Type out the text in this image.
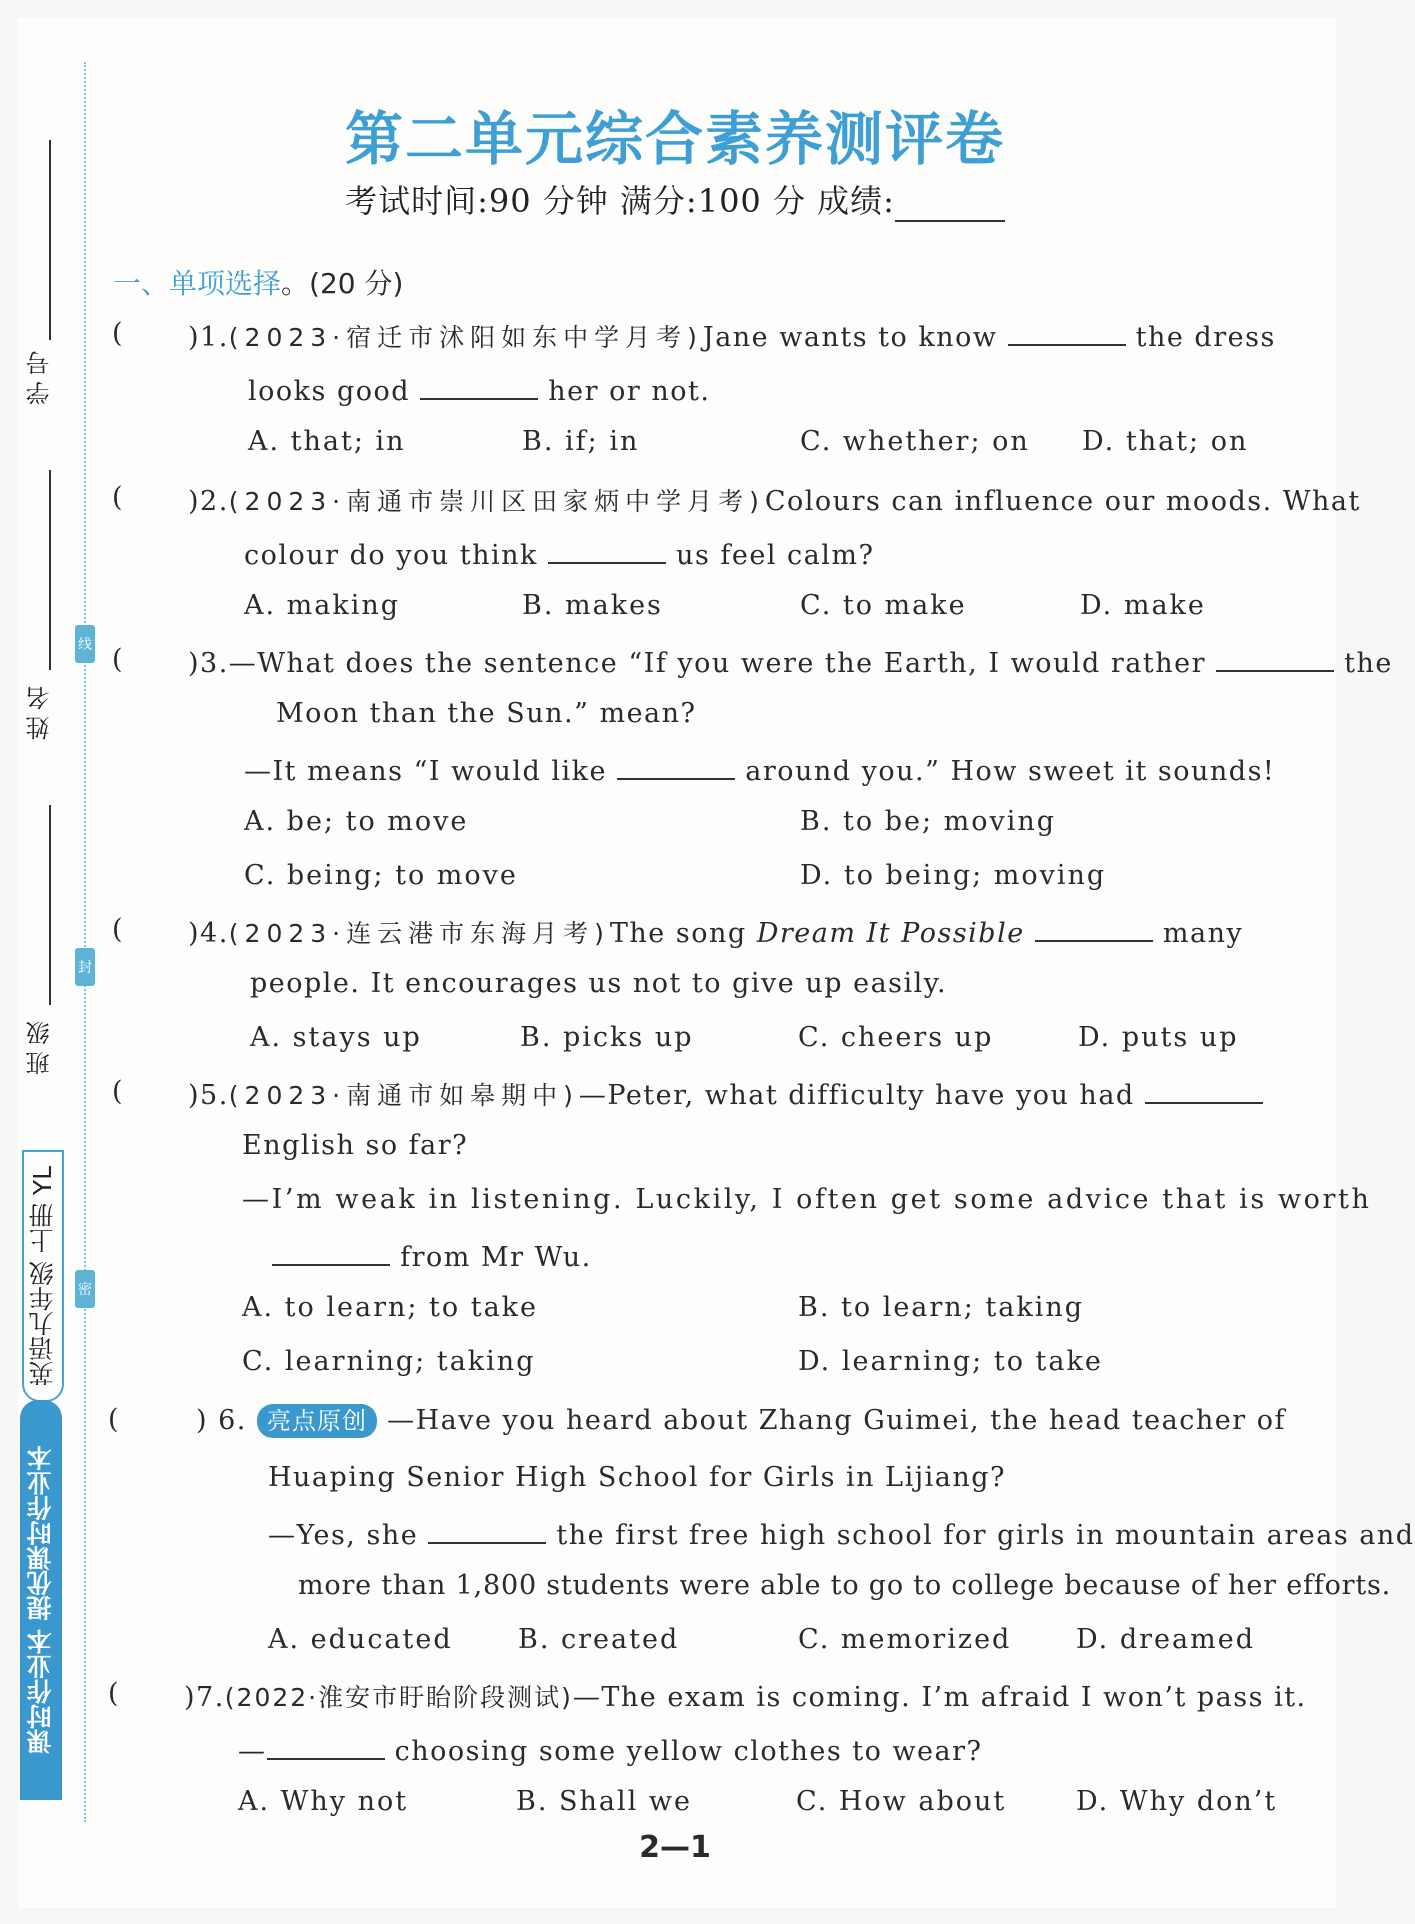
学号
姓名
班级
线
封
密
英语九年级 上册 YL
课时作业本 提优课时作业本
第二单元综合素养测评卷
考试时间:90 分钟 满分:100 分 成绩:
一、单项选择。(20 分)
( )1.(2023·宿迁市沭阳如东中学月考)Jane wants to know	the dress
looks good	her or not.
A. that; in	B. if; in	C. whether; on D. that; on
( )2.(2023·南通市崇川区田家炳中学月考)Colours can influence our moods. What
colour do you think	us feel calm?
A. making	B. makes	C. to make	D. make
( )3.—What does the sentence “If you were the Earth, I would rather	the
Moon than the Sun.” mean?
—It means “I would like	around you.” How sweet it sounds!
A. be; to move	B. to be; moving
C. being; to move	D. to being; moving
( )4.(2023·连云港市东海月考)The song Dream It Possible	many
people. It encourages us not to give up easily.
A. stays up	B. picks up	C. cheers up	D. puts up
( )5.(2023·南通市如皋期中)—Peter, what difficulty have you had
English so far?
—I’m weak in listening. Luckily, I often get some advice that is worth
from Mr Wu.
A. to learn; to take	B. to learn; taking
C. learning; taking	D. learning; to take
(	) 6. 亮点原创 —Have you heard about Zhang Guimei, the head teacher of
Huaping Senior High School for Girls in Lijiang?
—Yes, she	the first free high school for girls in mountain areas and
more than 1,800 students were able to go to college because of her efforts.
A. educated B. created	C. memorized D. dreamed
( )7.(2022·淮安市盱眙阶段测试)—The exam is coming. I’m afraid I won’t pass it.
—	choosing some yellow clothes to wear?
A. Why not	B. Shall we	C. How about	D. Why don’t
2—1
